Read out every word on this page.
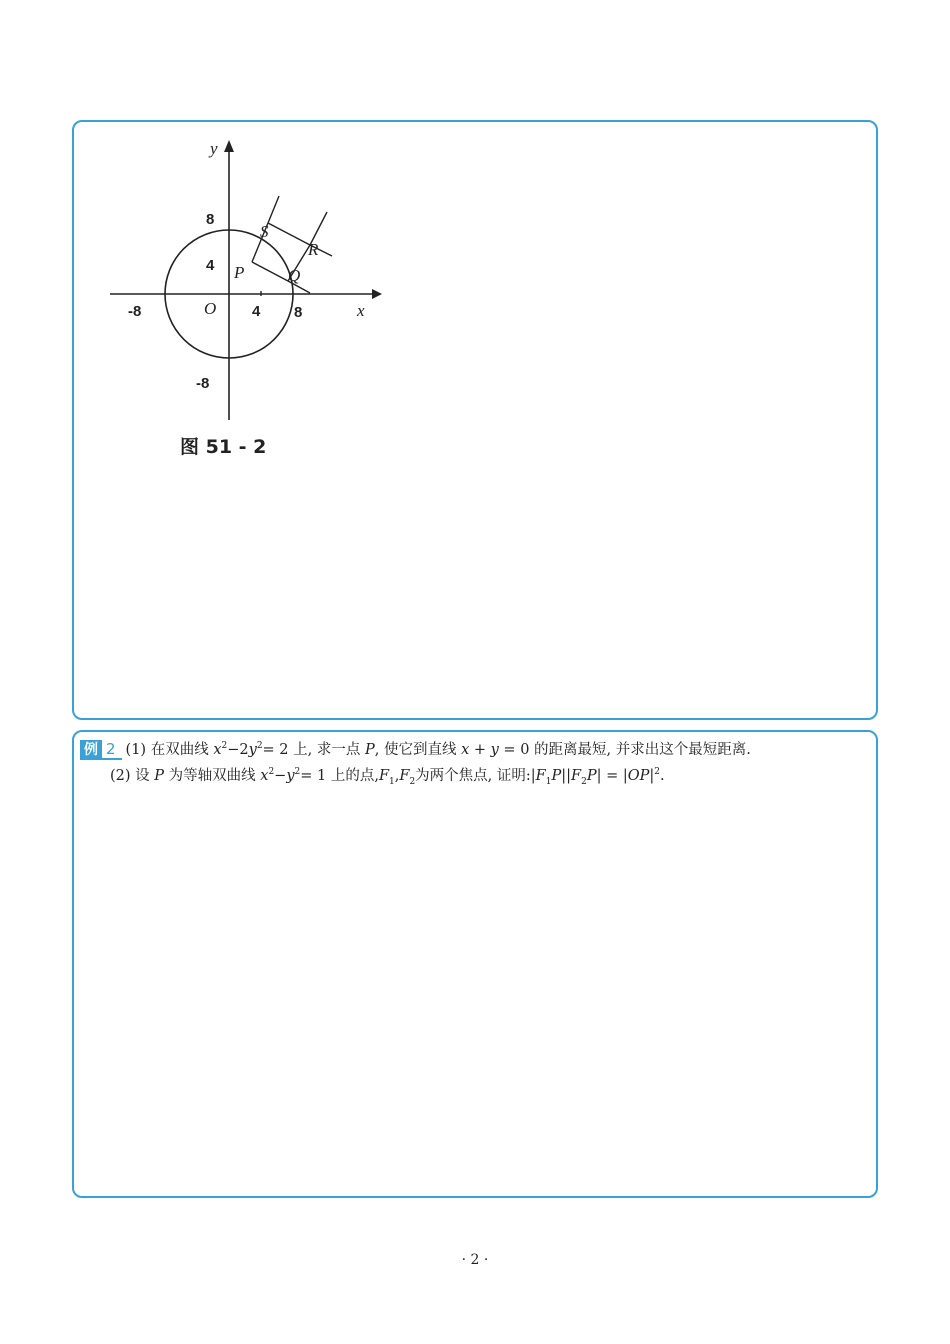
y
x
O
-8	4 8
8
4
-8
P
S
R
Q
图 51 - 2
例 2 (1) 在双曲线 $x^2-2y^2= 2$ 上, 求一点 P, 使它到直线 x + y = 0 的距离最短, 并求出这个最短距离.
(2) 设 P 为等轴双曲线 $x^2-y^2= 1$ 上的点$,F_1,F_2$为两个焦点, 证明$:|F_1P||F_2P| = |OP|^2$.
· 2 ·
